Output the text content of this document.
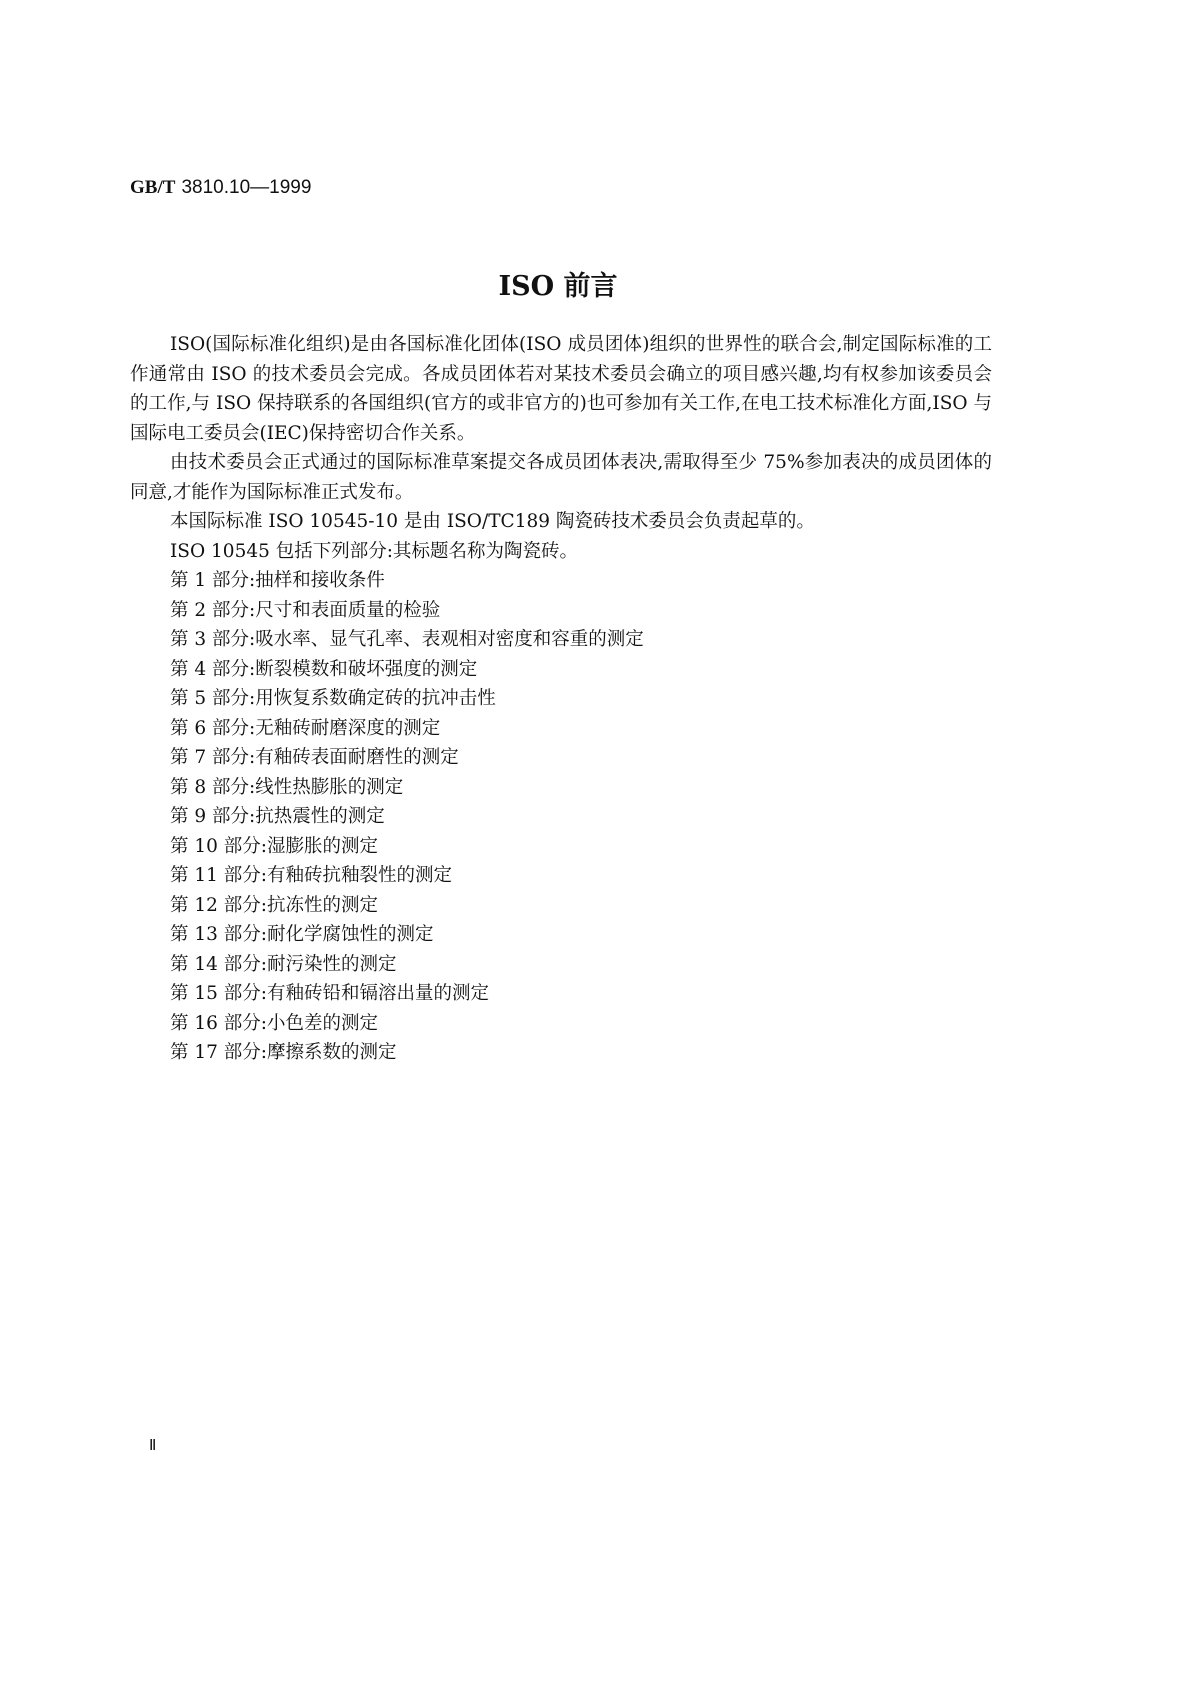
GB/T 3810.10—1999
ISO 前言

ISO(国际标准化组织)是由各国标准化团体(ISO 成员团体)组织的世界性的联合会,制定国际标准的工作通常由 ISO 的技术委员会完成。各成员团体若对某技术委员会确立的项目感兴趣,均有权参加该委员会的工作,与 ISO 保持联系的各国组织(官方的或非官方的)也可参加有关工作,在电工技术标准化方面,ISO 与国际电工委员会(IEC)保持密切合作关系。

由技术委员会正式通过的国际标准草案提交各成员团体表决,需取得至少 75%参加表决的成员团体的同意,才能作为国际标准正式发布。

本国际标准 ISO 10545-10 是由 ISO/TC189 陶瓷砖技术委员会负责起草的。

ISO 10545 包括下列部分:其标题名称为陶瓷砖。

第 1 部分:抽样和接收条件

第 2 部分:尺寸和表面质量的检验

第 3 部分:吸水率、显气孔率、表观相对密度和容重的测定

第 4 部分:断裂模数和破坏强度的测定

第 5 部分:用恢复系数确定砖的抗冲击性

第 6 部分:无釉砖耐磨深度的测定

第 7 部分:有釉砖表面耐磨性的测定

第 8 部分:线性热膨胀的测定

第 9 部分:抗热震性的测定

第 10 部分:湿膨胀的测定

第 11 部分:有釉砖抗釉裂性的测定

第 12 部分:抗冻性的测定

第 13 部分:耐化学腐蚀性的测定

第 14 部分:耐污染性的测定

第 15 部分:有釉砖铅和镉溶出量的测定

第 16 部分:小色差的测定

第 17 部分:摩擦系数的测定

Ⅱ
